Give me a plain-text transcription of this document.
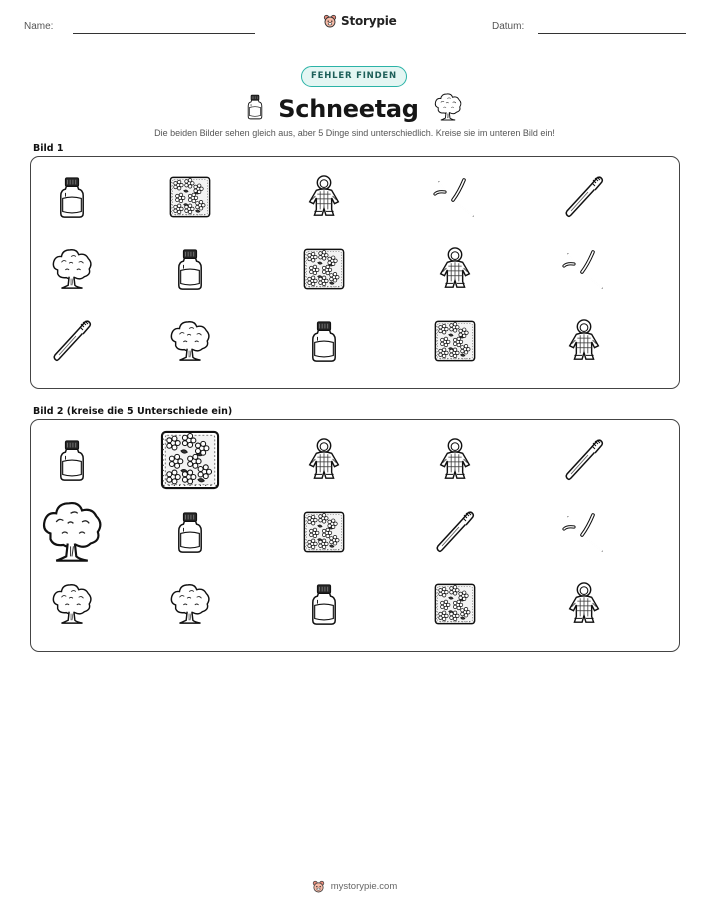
Name:	Storypie	Datum:
FEHLER FINDEN
Schneetag
Die beiden Bilder sehen gleich aus, aber 5 Dinge sind unterschiedlich. Kreise sie im unteren Bild ein!
Bild 1
Bild 2 (kreise die 5 Unterschiede ein)
mystorypie.com
